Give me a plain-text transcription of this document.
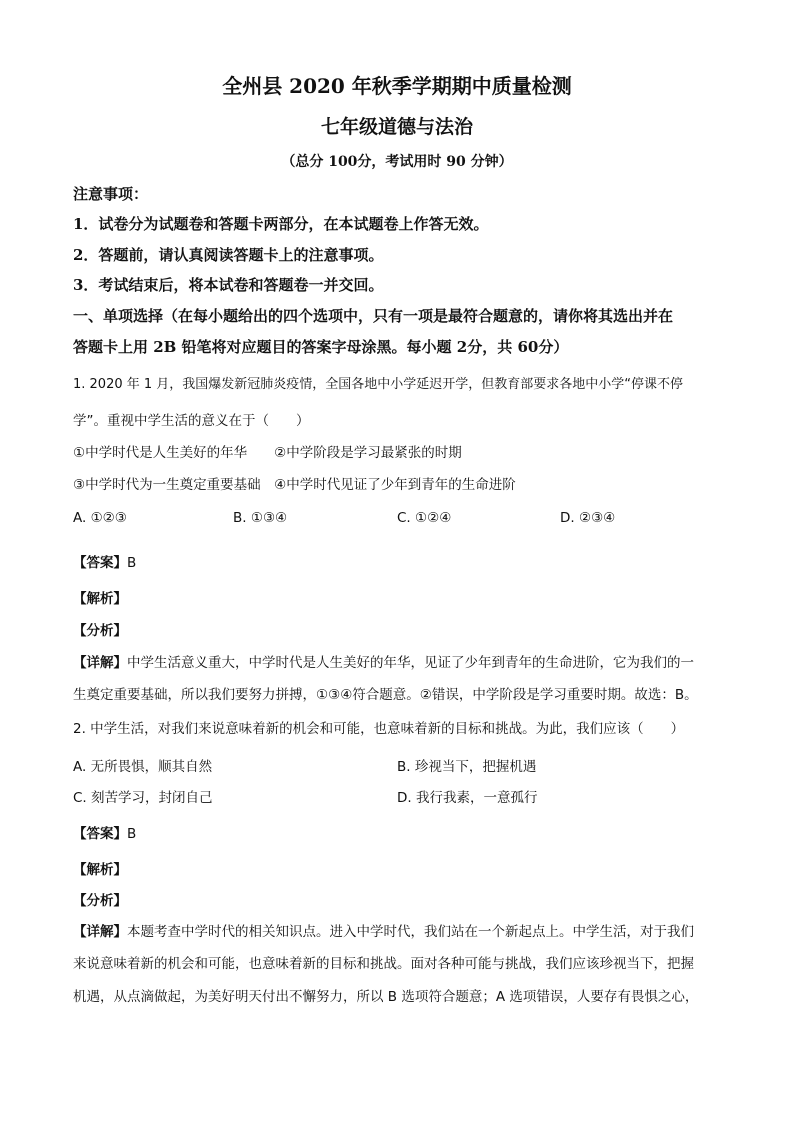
全州县 2020 年秋季学期期中质量检测
七年级道德与法治
（总分 100分，考试用时 90 分钟）
注意事项：
1．试卷分为试题卷和答题卡两部分，在本试题卷上作答无效。
2．答题前，请认真阅读答题卡上的注意事项。
3．考试结束后，将本试卷和答题卷一并交回。
一、单项选择（在每小题给出的四个选项中，只有一项是最符合题意的，请你将其选出并在
答题卡上用 2B 铅笔将对应题目的答案字母涂黑。每小题 2分，共 60分）
1. 2020 年 1 月，我国爆发新冠肺炎疫情，全国各地中小学延迟开学，但教育部要求各地中小学“停课不停
学”。重视中学生活的意义在于（　　）
①中学时代是人生美好的年华　　②中学阶段是学习最紧张的时期
③中学时代为一生奠定重要基础　④中学时代见证了少年到青年的生命进阶
A. ①②③	B. ①③④	C. ①②④	D. ②③④
【答案】B
【解析】
【分析】
【详解】中学生活意义重大，中学时代是人生美好的年华，见证了少年到青年的生命进阶，它为我们的一
生奠定重要基础，所以我们要努力拼搏，①③④符合题意。②错误，中学阶段是学习重要时期。故选：B。
2. 中学生活，对我们来说意味着新的机会和可能，也意味着新的目标和挑战。为此，我们应该（　　）
A. 无所畏惧，顺其自然	B. 珍视当下，把握机遇
C. 刻苦学习，封闭自己	D. 我行我素，一意孤行
【答案】B
【解析】
【分析】
【详解】本题考查中学时代的相关知识点。进入中学时代，我们站在一个新起点上。中学生活，对于我们
来说意味着新的机会和可能，也意味着新的目标和挑战。面对各种可能与挑战，我们应该珍视当下，把握
机遇，从点滴做起，为美好明天付出不懈努力，所以 B 选项符合题意；A 选项错误，人要存有畏惧之心，
